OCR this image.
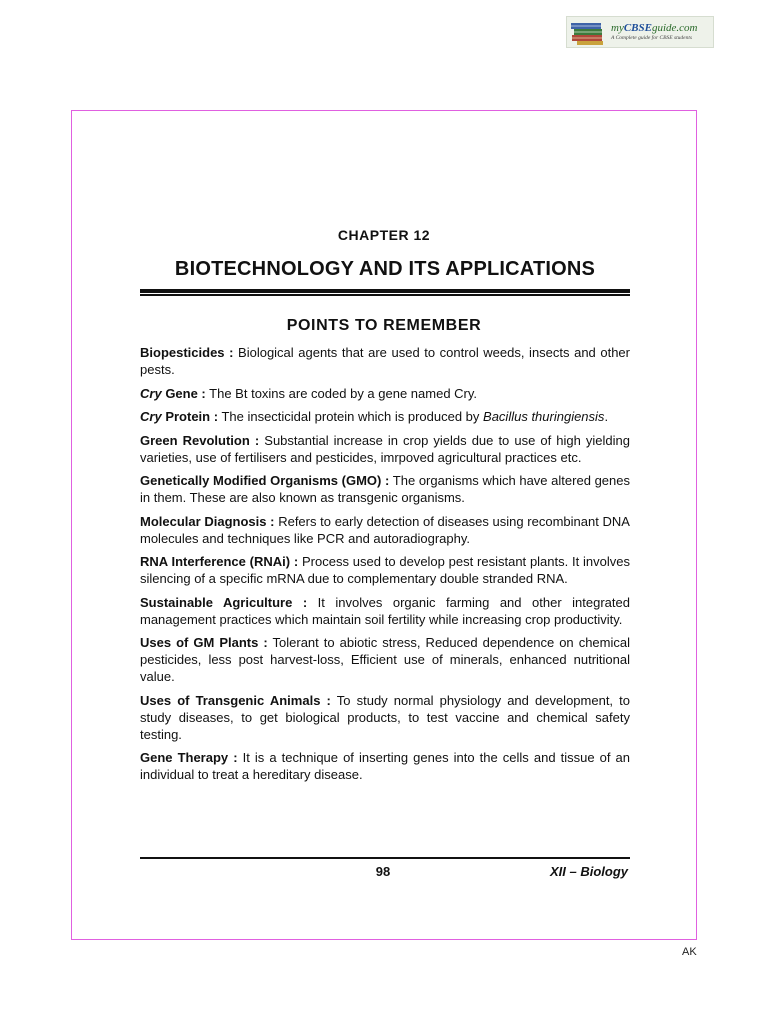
myCBSEguide.com
A Complete guide for CBSE students
CHAPTER 12
BIOTECHNOLOGY AND ITS APPLICATIONS
POINTS TO REMEMBER

Biopesticides : Biological agents that are used to control weeds, insects and other pests.

Cry Gene : The Bt toxins are coded by a gene named Cry.

Cry Protein : The insecticidal protein which is produced by Bacillus thuringiensis.

Green Revolution : Substantial increase in crop yields due to use of high yielding varieties, use of fertilisers and pesticides, imrpoved agricultural practices etc.

Genetically Modified Organisms (GMO) : The organisms which have altered genes in them. These are also known as transgenic organisms.

Molecular Diagnosis : Refers to early detection of diseases using recombinant DNA molecules and techniques like PCR and autoradiography.

RNA Interference (RNAi) : Process used to develop pest resistant plants. It involves silencing of a specific mRNA due to complementary double stranded RNA.

Sustainable Agriculture : It involves organic farming and other integrated management practices which maintain soil fertility while increasing crop productivity.

Uses of GM Plants : Tolerant to abiotic stress, Reduced dependence on chemical pesticides, less post harvest-loss, Efficient use of minerals, enhanced nutritional value.

Uses of Transgenic Animals : To study normal physiology and development, to study diseases, to get biological products, to test vaccine and chemical safety testing.

Gene Therapy : It is a technique of inserting genes into the cells and tissue of an individual to treat a hereditary disease.

98	XII – Biology
AK
